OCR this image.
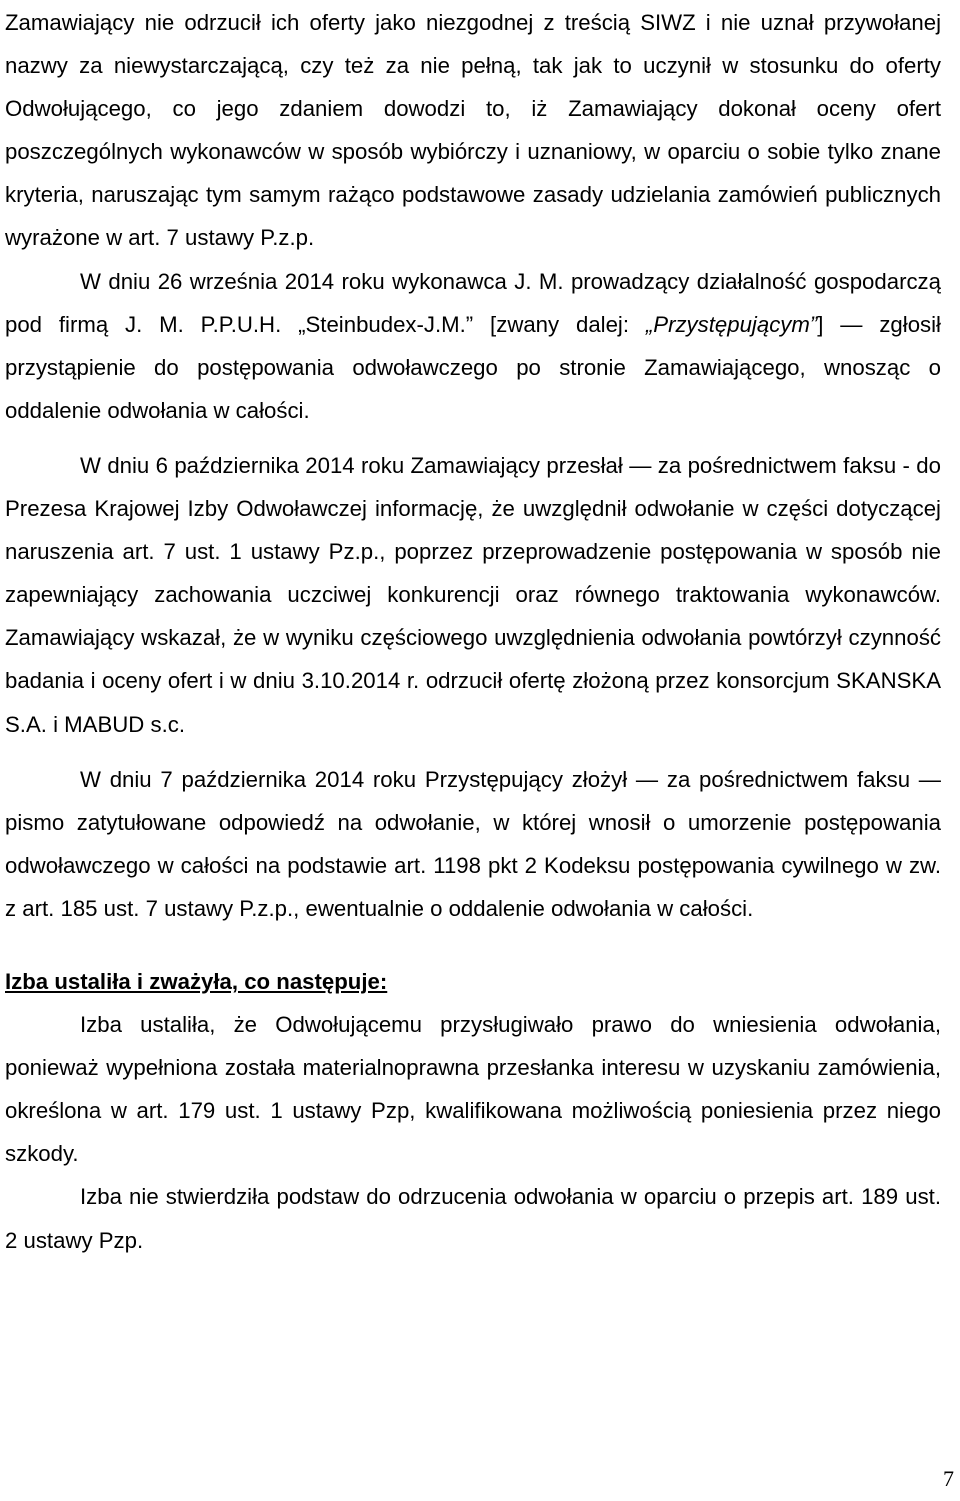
Zamawiający nie odrzucił ich oferty jako niezgodnej z treścią SIWZ i nie uznał przywołanej nazwy za niewystarczającą, czy też za nie pełną, tak jak to uczynił w stosunku do oferty Odwołującego, co jego zdaniem dowodzi to, iż Zamawiający dokonał oceny ofert poszczególnych wykonawców w sposób wybiórczy i uznaniowy, w oparciu o sobie tylko znane kryteria, naruszając tym samym rażąco podstawowe zasady udzielania zamówień publicznych wyrażone w art. 7 ustawy P.z.p.

W dniu 26 września 2014 roku wykonawca J. M. prowadzący działalność gospodarczą pod firmą J. M. P.P.U.H. „Steinbudex-J.M.” [zwany dalej: „Przystępującym”] — zgłosił przystąpienie do postępowania odwoławczego po stronie Zamawiającego, wnosząc o oddalenie odwołania w całości.

W dniu 6 października 2014 roku Zamawiający przesłał — za pośrednictwem faksu - do Prezesa Krajowej Izby Odwoławczej informację, że uwzględnił odwołanie w części dotyczącej naruszenia art. 7 ust. 1 ustawy Pz.p., poprzez przeprowadzenie postępowania w sposób nie zapewniający zachowania uczciwej konkurencji oraz równego traktowania wykonawców. Zamawiający wskazał, że w wyniku częściowego uwzględnienia odwołania powtórzył czynność badania i oceny ofert i w dniu 3.10.2014 r. odrzucił ofertę złożoną przez konsorcjum SKANSKA S.A. i MABUD s.c.

W dniu 7 października 2014 roku Przystępujący złożył — za pośrednictwem faksu — pismo zatytułowane odpowiedź na odwołanie, w której wnosił o umorzenie postępowania odwoławczego w całości na podstawie art. 1198 pkt 2 Kodeksu postępowania cywilnego w zw. z art. 185 ust. 7 ustawy P.z.p., ewentualnie o oddalenie odwołania w całości.

Izba ustaliła i zważyła, co następuje:

Izba ustaliła, że Odwołującemu przysługiwało prawo do wniesienia odwołania, ponieważ wypełniona została materialnoprawna przesłanka interesu w uzyskaniu zamówienia, określona w art. 179 ust. 1 ustawy Pzp, kwalifikowana możliwością poniesienia przez niego szkody.

Izba nie stwierdziła podstaw do odrzucenia odwołania w oparciu o przepis art. 189 ust. 2 ustawy Pzp.

7
